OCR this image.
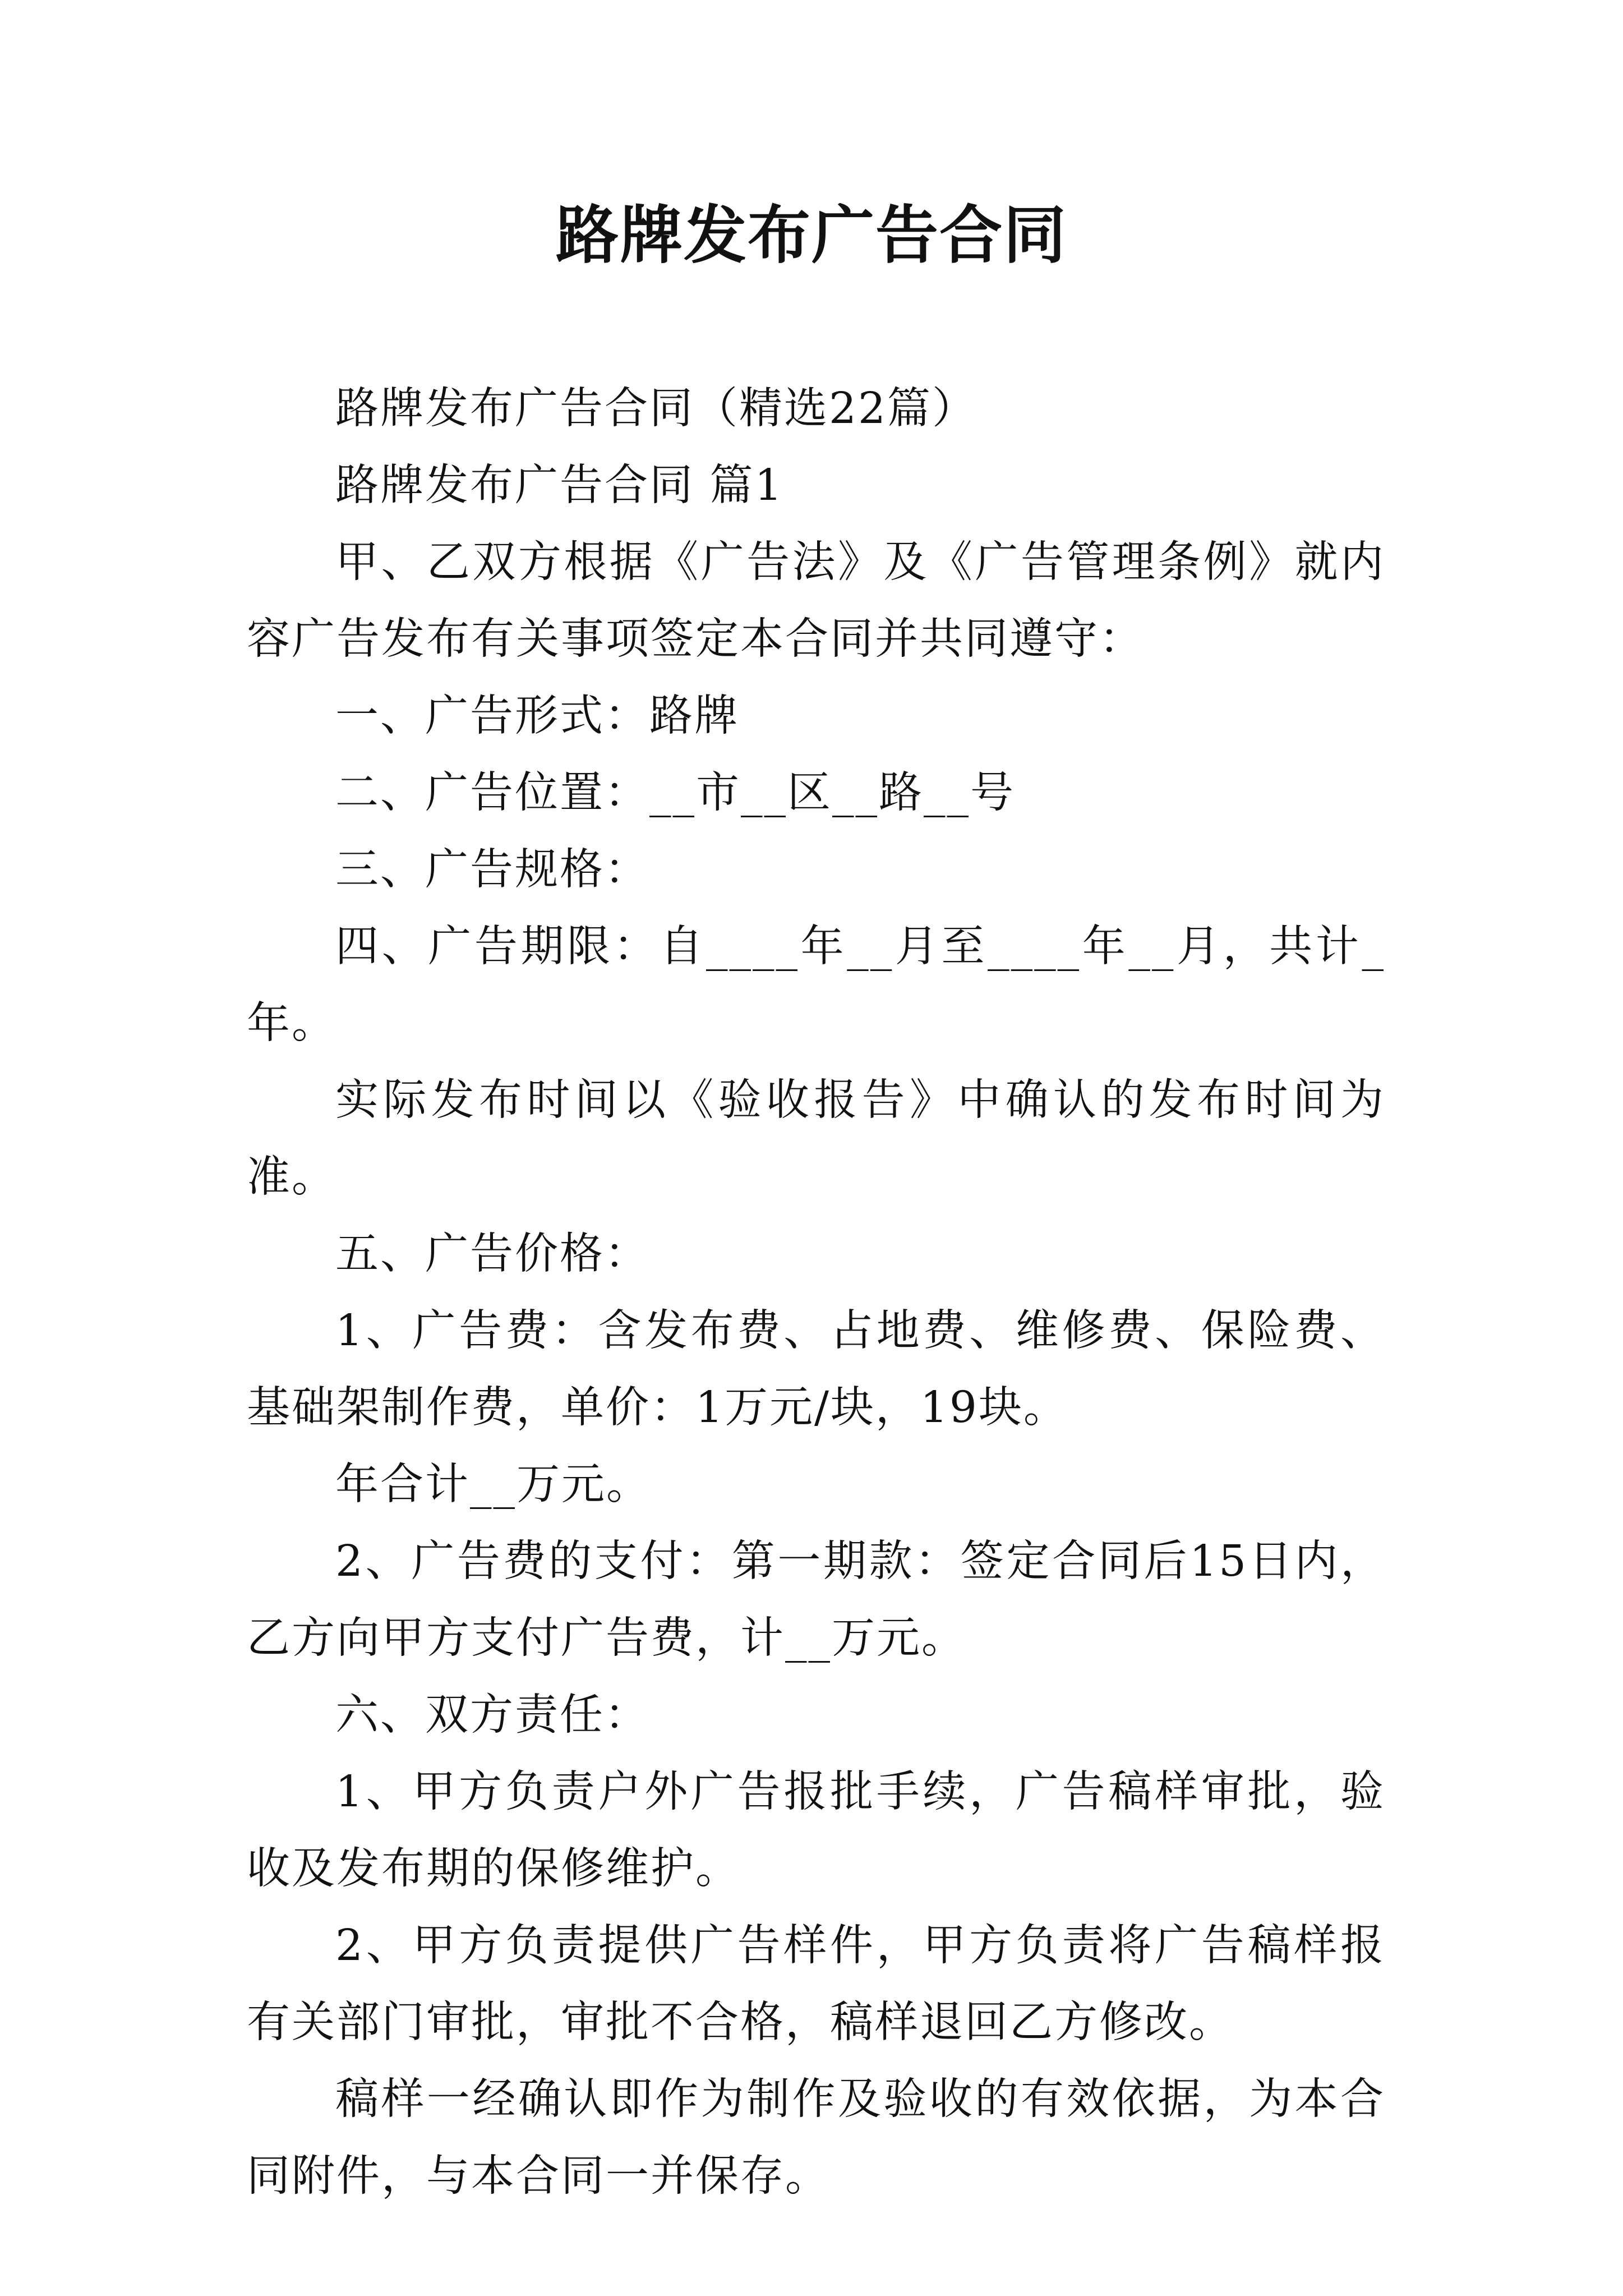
路牌发布广告合同

路牌发布广告合同（精选22篇）

路牌发布广告合同 篇1

甲、乙双方根据《广告法》及《广告管理条例》就内容广告发布有关事项签定本合同并共同遵守：

一、广告形式：路牌

二、广告位置：__市__区__路__号

三、广告规格：

四、广告期限：自____年__月至____年__月，共计_年。

实际发布时间以《验收报告》中确认的发布时间为准。

五、广告价格：

1、广告费：含发布费、占地费、维修费、保险费、基础架制作费，单价：1万元/块，19块。

年合计__万元。

2、广告费的支付：第一期款：签定合同后15日内，乙方向甲方支付广告费，计__万元。

六、双方责任：

1、甲方负责户外广告报批手续，广告稿样审批，验收及发布期的保修维护。

2、甲方负责提供广告样件，甲方负责将广告稿样报有关部门审批，审批不合格，稿样退回乙方修改。

稿样一经确认即作为制作及验收的有效依据，为本合同附件，与本合同一并保存。
